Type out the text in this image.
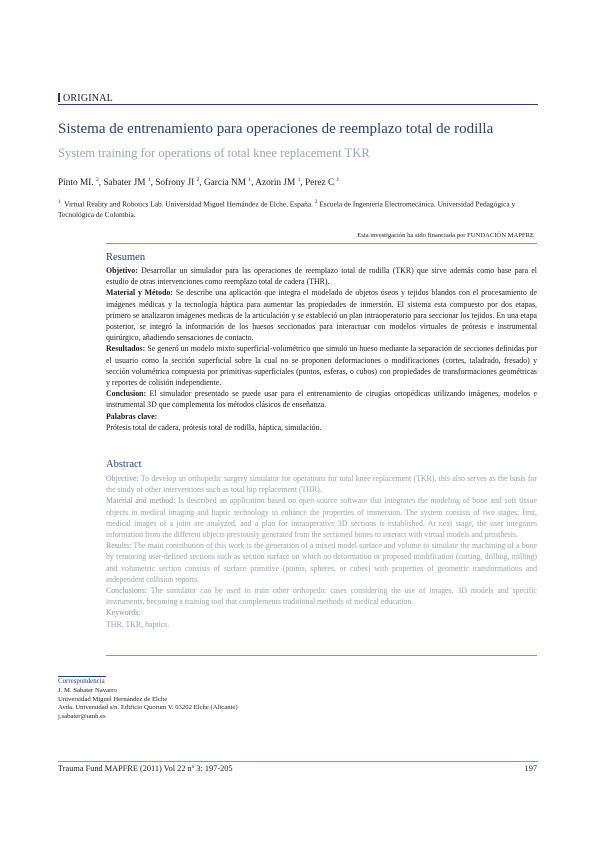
ORIGINAL
Sistema de entrenamiento para operaciones de reemplazo total de rodilla
System training for operations of total knee replacement TKR
Pinto MI. $^2$, Sabater JM $^1$, Sofrony JI $^2$, Garcia NM $^1$, Azorin JM $^1$, Perez C $^1$
$^1$ Virtual Reality and Robotics Lab. Universidad Miguel Hernández de Elche, España. $^2$ Escuela de Ingeniería Electromecánica. Universidad Pedagógica y Tecnológica de Colombia.
Esta investigación ha sido financiada por FUNDACIÓN MAPFRE
Resumen

Objetivo: Desarrollar un simulador para las operaciones de reemplazo total de rodilla (TKR) que sirve además como base para el estudio de otras intervenciones como reemplazo total de cadera (THR).

Material y Método: Se describe una aplicación que integra el modelado de objetos óseos y tejidos blandos con el procesamiento de imágenes médicas y la tecnología háptica para aumentar las propiedades de inmersión. El sistema esta compuesto por dos etapas, primero se analizaron imágenes medicas de la articulación y se estableció un plan intraoperatorio para seccionar los tejidos. En una etapa posterior, se integró la información de los huesos seccionados para interactuar con modelos virtuales de prótesis e instrumental quirúrgico, añadiendo sensaciones de contacto.

Resultados: Se generó un modelo mixto superficial-volumétrico que simuló un hueso mediante la separación de secciones definidas por el usuario como la sección superficial sobre la cual no se proponen deformaciones o modificaciones (cortes, taladrado, fresado) y sección volumétrica compuesta por primitivas superficiales (puntos, esferas, o cubos) con propiedades de transformaciones geométricas y reportes de colisión independiente.

Conclusion: El simulador presentado se puede usar para el entrenamiento de cirugías ortopédicas utilizando imágenes, modelos e instrumental 3D que complementa los métodos clásicos de enseñanza.

Palabras clave:

Prótesis total de cadera, prótesis total de rodilla, háptica, simulación.

Abstract

Objective: To develop an orthopedic surgery simulator for operations for total knee replacement (TKR), this also serves as the basis for the study of other interventions such as total hip replacement (THR).

Material and method: Is described an application based on open source software that integrates the modeling of bone and soft tissue objects in medical imaging and haptic technology to enhance the properties of immersion. The system consists of two stages; first, medical images of a joint are analyzed, and a plan for intraoperative 3D sections is established. At next stage, the user integrates information from the different objects previously generated from the sectioned bones to interact with virtual models and prosthesis.

Results: The main contribution of this work is the generation of a mixed model surface and volume to simulate the machining of a bone by removing user-defined sections such as section surface on which no deformation or proposed modification (cutting, drilling, milling) and volumetric section consists of surface primitive (points, spheres, or cubes) with properties of geometric transformations and independent collision reports.

Conclusions: The simulator can be used to train other orthopedic cases considering the use of images, 3D models and specific instruments, becoming a training tool that complements traditional methods of medical education.

Keywords:

THR, TKR, haptics.

Correspondencia
J. M. Sabater Navarro
Universidad Miguel Hernández de Elche
Avda. Universidad s/n. Edificio Quorum V. 03202 Elche (Alicante)
j.sabater@umh.es
Trauma Fund MAPFRE (2011) Vol 22 nº 3: 197-205	197
